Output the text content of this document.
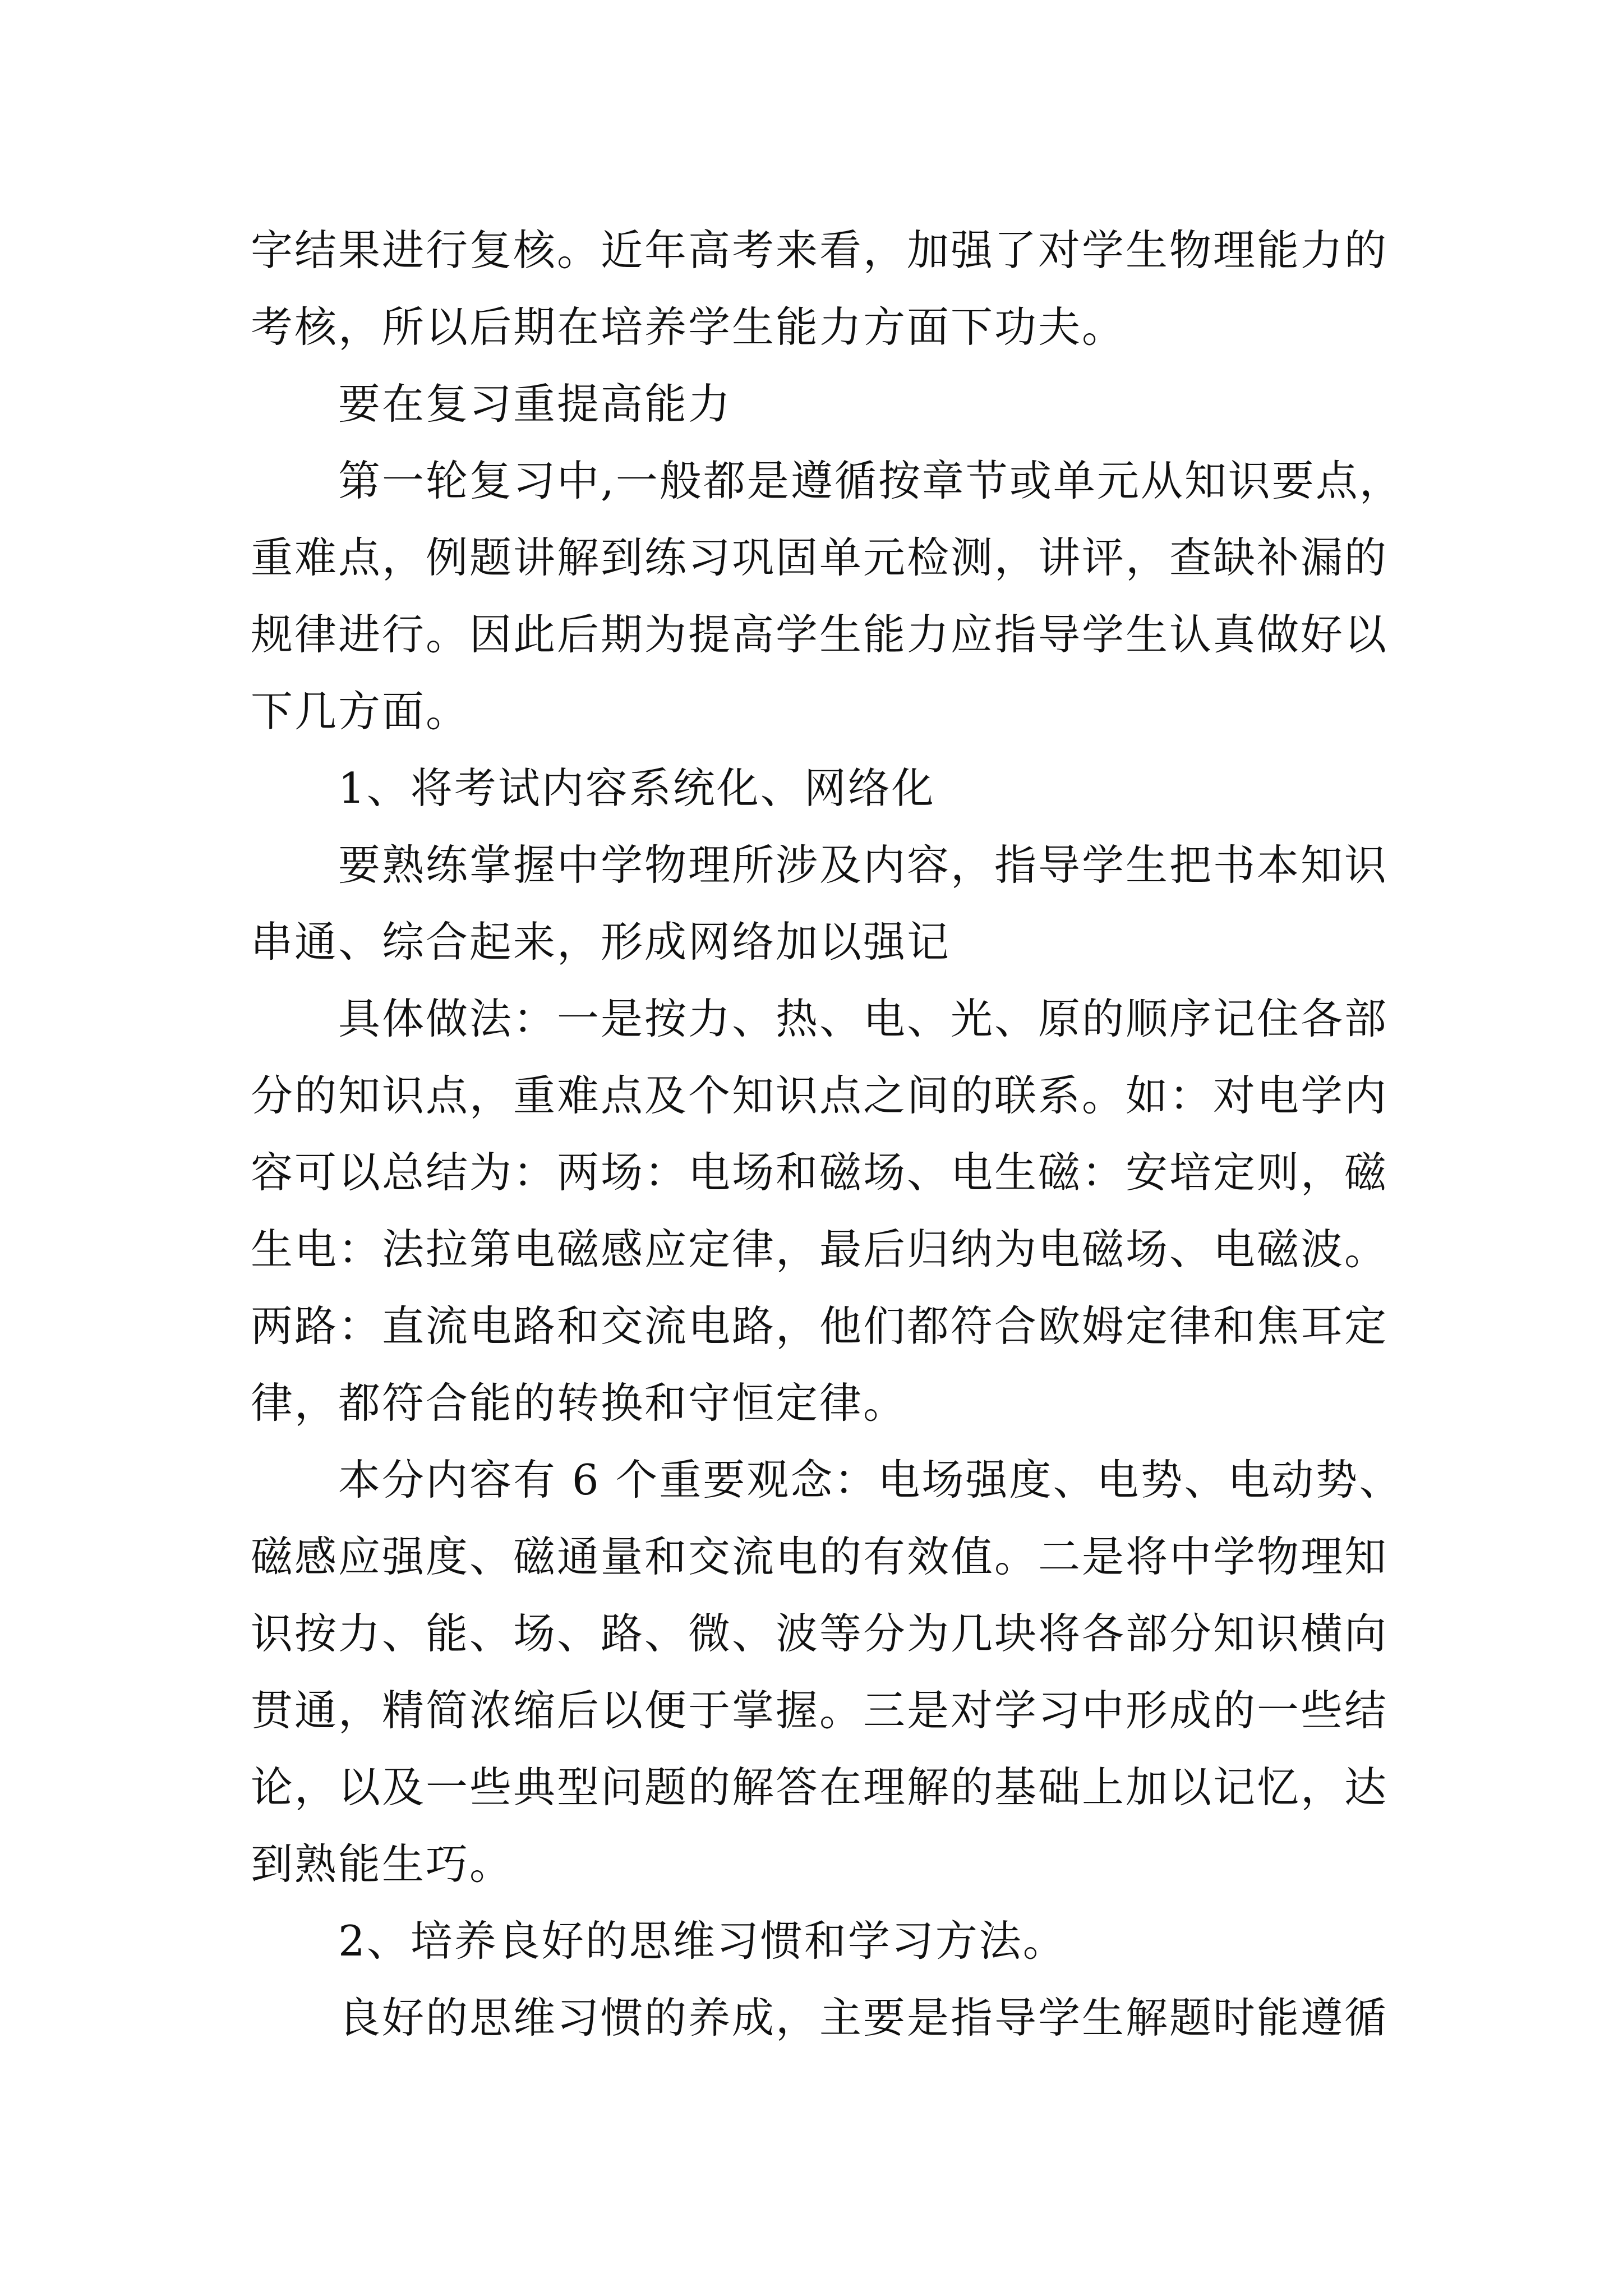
字结果进行复核。近年高考来看，加强了对学生物理能力的
考核，所以后期在培养学生能力方面下功夫。
要在复习重提高能力
第一轮复习中,一般都是遵循按章节或单元从知识要点，
重难点，例题讲解到练习巩固单元检测，讲评，查缺补漏的
规律进行。因此后期为提高学生能力应指导学生认真做好以
下几方面。
1、将考试内容系统化、网络化
要熟练掌握中学物理所涉及内容，指导学生把书本知识
串通、综合起来，形成网络加以强记
具体做法：一是按力、热、电、光、原的顺序记住各部
分的知识点，重难点及个知识点之间的联系。如：对电学内
容可以总结为：两场：电场和磁场、电生磁：安培定则，磁
生电：法拉第电磁感应定律，最后归纳为电磁场、电磁波。
两路：直流电路和交流电路，他们都符合欧姆定律和焦耳定
律，都符合能的转换和守恒定律。
本分内容有 6 个重要观念：电场强度、电势、电动势、
磁感应强度、磁通量和交流电的有效值。二是将中学物理知
识按力、能、场、路、微、波等分为几块将各部分知识横向
贯通，精简浓缩后以便于掌握。三是对学习中形成的一些结
论，以及一些典型问题的解答在理解的基础上加以记忆，达
到熟能生巧。
2、培养良好的思维习惯和学习方法。
良好的思维习惯的养成，主要是指导学生解题时能遵循
